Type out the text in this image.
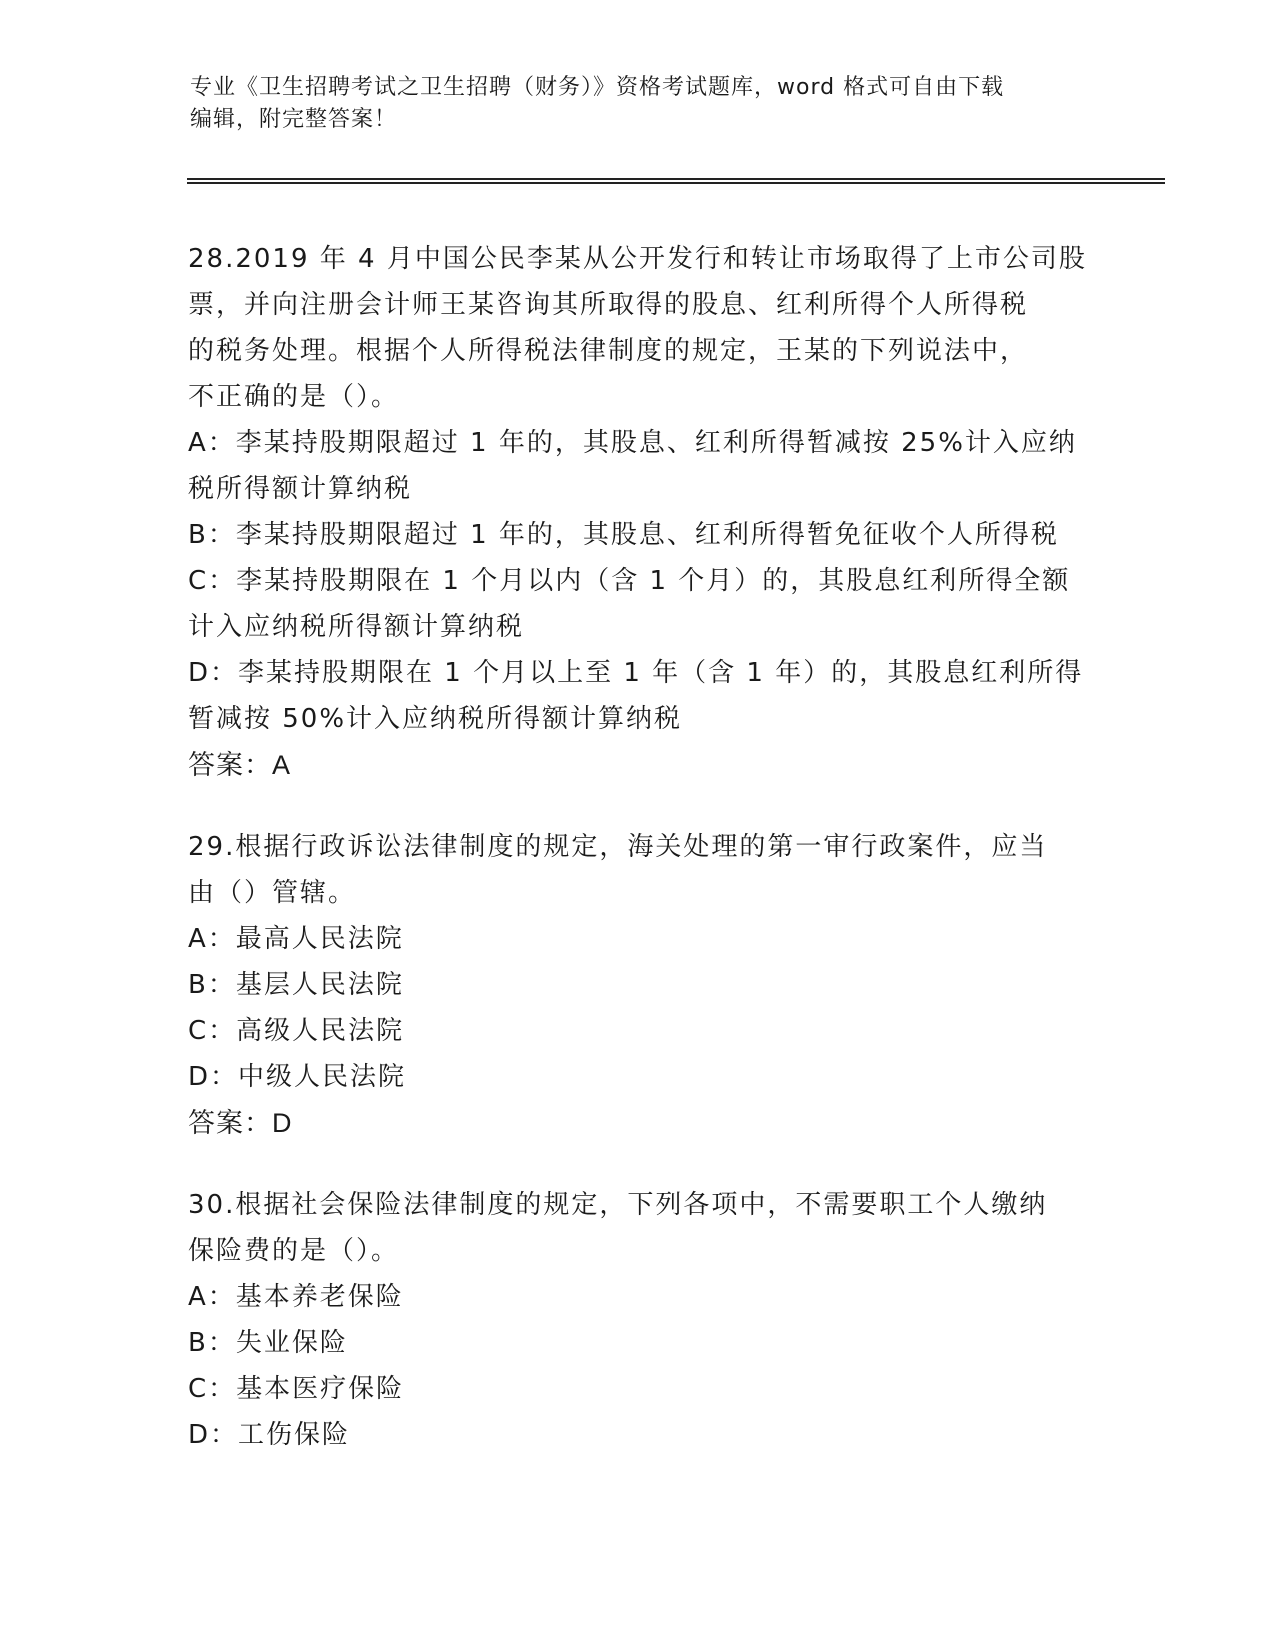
专业《卫生招聘考试之卫生招聘（财务）》资格考试题库，word 格式可自由下载
编辑，附完整答案！
28.2019 年 4 月中国公民李某从公开发行和转让市场取得了上市公司股
票，并向注册会计师王某咨询其所取得的股息、红利所得个人所得税
的税务处理。根据个人所得税法律制度的规定，王某的下列说法中，
不正确的是（）。
A：李某持股期限超过 1 年的，其股息、红利所得暂减按 25%计入应纳
税所得额计算纳税
B：李某持股期限超过 1 年的，其股息、红利所得暂免征收个人所得税
C：李某持股期限在 1 个月以内（含 1 个月）的，其股息红利所得全额
计入应纳税所得额计算纳税
D：李某持股期限在 1 个月以上至 1 年（含 1 年）的，其股息红利所得
暂减按 50%计入应纳税所得额计算纳税
答案：A
29.根据行政诉讼法律制度的规定，海关处理的第一审行政案件，应当
由（）管辖。
A：最高人民法院
B：基层人民法院
C：高级人民法院
D：中级人民法院
答案：D
30.根据社会保险法律制度的规定，下列各项中，不需要职工个人缴纳
保险费的是（）。
A：基本养老保险
B：失业保险
C：基本医疗保险
D：工伤保险
